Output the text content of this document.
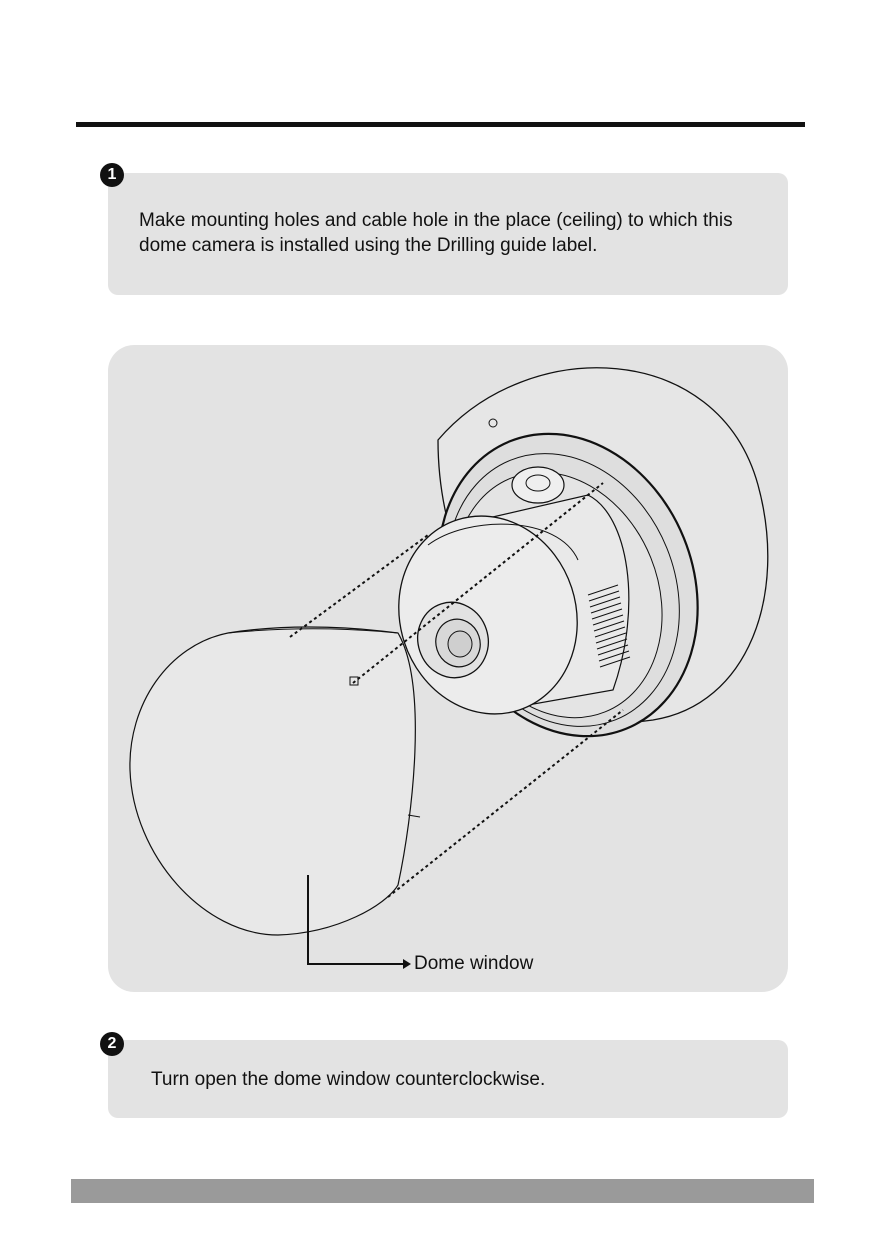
1
Make mounting holes and cable hole in the place (ceiling) to which this dome camera is installed using the Drilling guide label.
Dome window
2
Turn open the dome window counterclockwise.
